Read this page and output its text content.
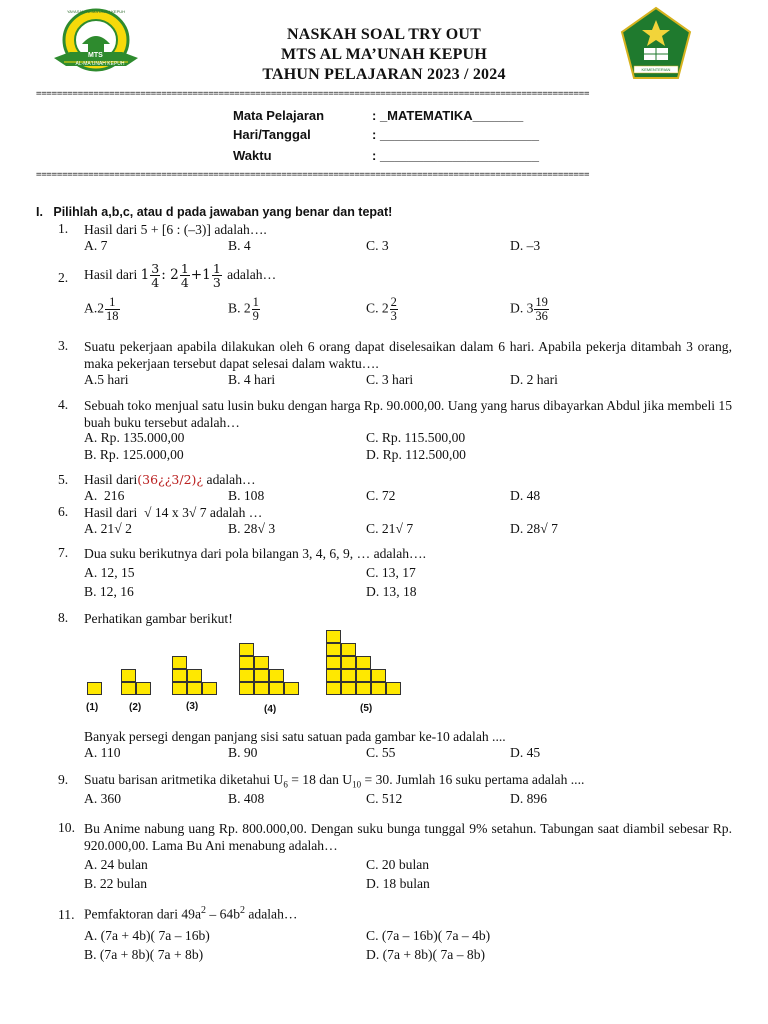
MTS
YAYASAN AL-MA'UNAH KEPUH
AL-MA'UNAH KEPUH
KEMENTERIAN AGAMA
NASKAH SOAL TRY OUT
MTS AL MA’UNAH KEPUH
TAHUN PELAJARAN 2023 / 2024
==========================================================================================================
Mata Pelajaran	: _MATEMATIKA_______
Hari/Tanggal	: ______________________
Waktu	: ______________________
==========================================================================================================
I.   Pilihlah a,b,c, atau d pada jawaban yang benar dan tepat!
1. Hasil dari 5 + [6 : (–3)] adalah….
A. 7	B. 4	C. 3	D. –3
2. Hasil dari $1 \frac{3}{4}$ : $2 \frac{1}{4} +1 \frac{1}{3}$ adalah…
$A.2 \frac{1}{18}$	B. $2 \frac{1}{9}$	C. $2 \frac{2}{3}$	D. $3 \frac{19}{36}$
3. Suatu pekerjaan apabila dilakukan oleh 6 orang dapat diselesaikan dalam 6 hari. Apabila pekerja ditambah 3 orang, maka pekerjaan tersebut dapat selesai dalam waktu….
A.5 hari	B. 4 hari	C. 3 hari	D. 2 hari
4. Sebuah toko menjual satu lusin buku dengan harga Rp. 90.000,00. Uang yang harus dibayarkan Abdul jika membeli 15 buah buku tersebut adalah…
A. Rp. 135.000,00	C. Rp. 115.500,00
B. Rp. 125.000,00	D. Rp. 112.500,00
5. Hasil dari(36¿¿3/2)¿ adalah…
A.  216	B. 108	C. 72	D. 48
6. Hasil dari  √ 14 x 3√ 7 adalah …
A. 21√ 2	B. 28√ 3	C. 21√ 7	D. 28√ 7
7. Dua suku berikutnya dari pola bilangan 3, 4, 6, 9, … adalah….
A. 12, 15	C. 13, 17
B. 12, 16	D. 13, 18
8. Perhatikan gambar berikut!
(1)	(2)	(3)	(4)	(5)
Banyak persegi dengan panjang sisi satu satuan pada gambar ke-10 adalah ....
A. 110	B. 90	C. 55	D. 45
9. Suatu barisan aritmetika diketahui $U_6 = 18$ dan $U_{10} = 30$. Jumlah 16 suku pertama adalah ....
A. 360	B. 408	C. 512	D. 896
10. Bu Anime nabung uang Rp. 800.000,00. Dengan suku bunga tunggal 9% setahun. Tabungan saat diambil sebesar Rp. 920.000,00. Lama Bu Ani menabung adalah…
A. 24 bulan	C. 20 bulan
B. 22 bulan	D. 18 bulan
11. Pemfaktoran dari $49a^2 - 64b^2$ adalah…
A. (7a + 4b)( 7a – 16b)	C. (7a – 16b)( 7a – 4b)
B. (7a + 8b)( 7a + 8b)	D. (7a + 8b)( 7a – 8b)
